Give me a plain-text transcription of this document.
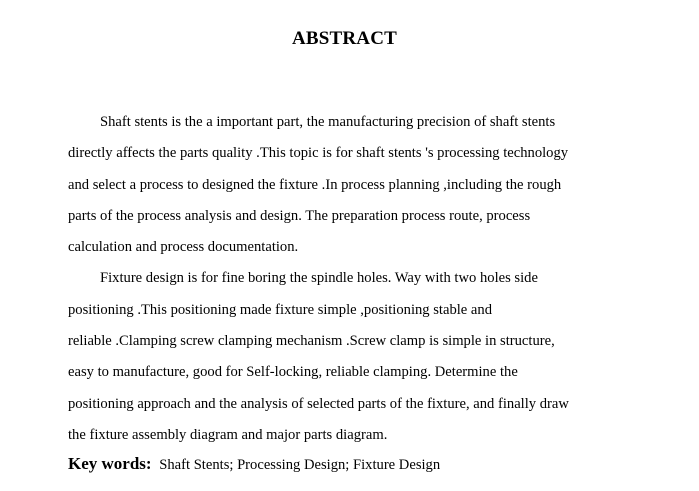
ABSTRACT
Shaft stents is the a important part, the manufacturing precision of shaft stents
directly affects the parts quality .This topic is for shaft stents 's processing technology
and select a process to designed the fixture .In process planning ,including the rough
parts of the process analysis and design. The preparation process route, process
calculation and process documentation.
Fixture design is for fine boring the spindle holes. Way with two holes side
positioning .This positioning made fixture simple ,positioning stable and
reliable .Clamping screw clamping mechanism .Screw clamp is simple in structure,
easy to manufacture, good for Self-locking, reliable clamping. Determine the
positioning approach and the analysis of selected parts of the fixture, and finally draw
the fixture assembly diagram and major parts diagram.
Key words: Shaft Stents; Processing Design; Fixture Design
